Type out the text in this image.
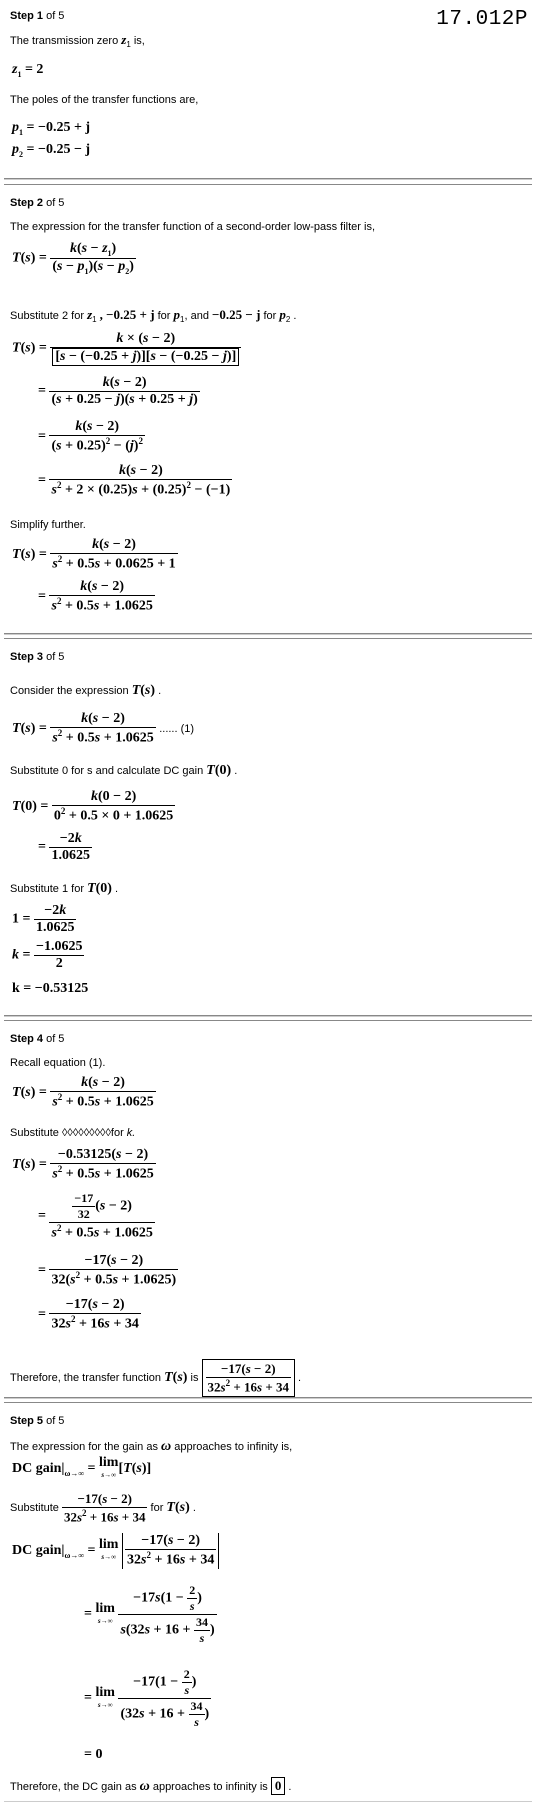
17.012P
Step 1 of 5
The transmission zero $z_1$ is,
$z_1 = 2$
The poles of the transfer functions are,
$p_1 = -0.25 + j$
$p_2 = -0.25 - j$
Step 2 of 5
The expression for the transfer function of a second-order low-pass filter is,
$T(s) = \frac{k(s - z_1)}{(s - p_1)(s - p_2)}$
Substitute 2 for $z_1$ , −0.25 + j for $p_1$, and −0.25 − j for $p_2$ .
$T(s) = \frac{k \times (s - 2)}{[s - (-0.25 + j)][s - (-0.25 - j)]}$
= $\frac{k(s - 2)}{(s + 0.25 - j)(s + 0.25 + j)}$
= $\frac{k(s - 2)}{(s + 0.25)^2 - (j)^2}$
= $\frac{k(s - 2)}{s^2 + 2 \times (0.25)s + (0.25)^2 - (-1)}$
Simplify further.
$T(s) = \frac{k(s - 2)}{s^2 + 0.5s + 0.0625 + 1}$
= $\frac{k(s - 2)}{s^2 + 0.5s + 1.0625}$
Step 3 of 5
Consider the expression T(s) .
$T(s) = \frac{k(s - 2)}{s^2 + 0.5s + 1.0625}$ ...... (1)
Substitute 0 for s and calculate DC gain T(0) .
$T(0) = \frac{k(0 - 2)}{0^2 + 0.5 \times 0 + 1.0625}$
= $\frac{-2k}{1.0625}$
Substitute 1 for T(0) .
$1 = \frac{-2k}{1.0625}$
$k = \frac{-1.0625}{2}$
k = −0.53125
Step 4 of 5
Recall equation (1).
$T(s) = \frac{k(s - 2)}{s^2 + 0.5s + 1.0625}$
Substitute ◊◊◊◊◊◊◊◊◊for k.
$T(s) = \frac{-0.53125(s - 2)}{s^2 + 0.5s + 1.0625}$
= $\frac{\frac{-17}{32} (s - 2)}{s^2 + 0.5s + 1.0625}$
= $\frac{-17(s - 2)}{32(s^2 + 0.5s + 1.0625)}$
= $\frac{-17(s - 2)}{32s^2 + 16s + 34}$
Therefore, the transfer function T(s) is $\frac{-17(s - 2)}{32s^2 + 16s + 34}$ .
Step 5 of 5
The expression for the gain as ω approaches to infinity is,
DC $gain|_{\omega\to\infty} = \lim$
s→∞ [T(s)]
Substitute $\frac{-17(s - 2)}{32s^2 + 16s + 34}$ for T(s) .
DC $gain|_{\omega\to\infty} = \lim$
s→∞
$\frac{-17(s - 2)}{32s^2 + 16s + 34}$
= lim
s→∞
$\frac{-17s(1 - \frac{2}{s} )}{s(32s + 16 + \frac{34}{s} )}$
= lim
s→∞
$\frac{-17(1 - \frac{2}{s} )}{(32s + 16 + \frac{34}{s} )}$
= 0
Therefore, the DC gain as ω approaches to infinity is 0 .
